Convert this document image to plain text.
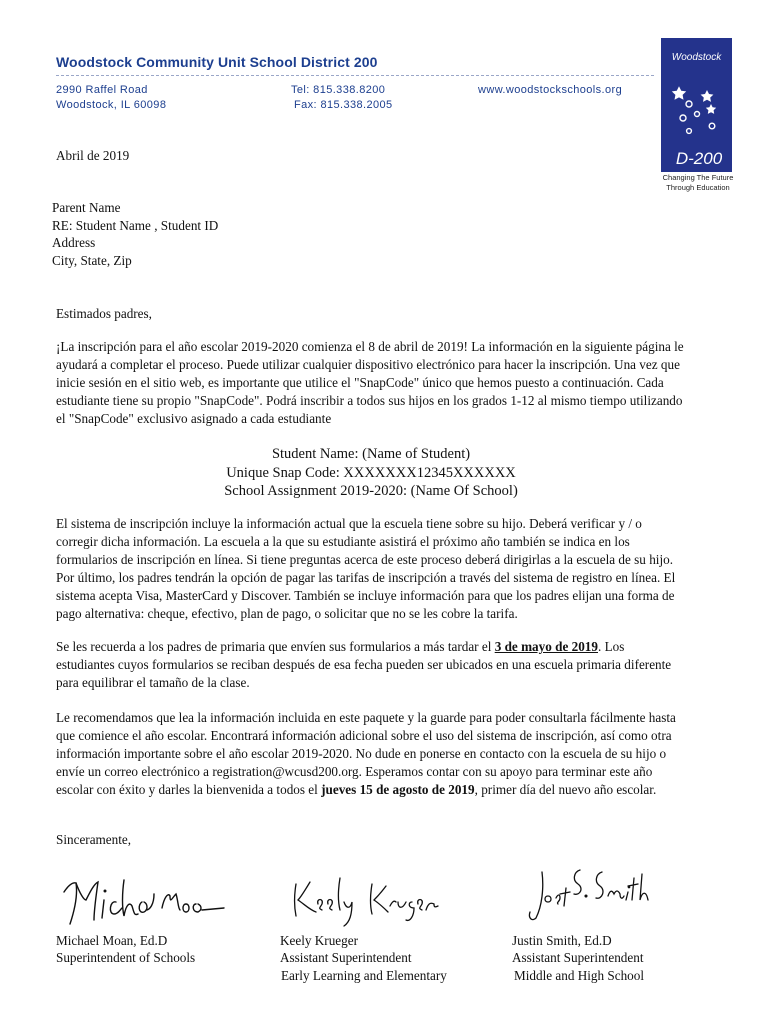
Woodstock Community Unit School District 200
2990 Raffel Road
Woodstock, IL 60098
Tel: 815.338.8200
Fax: 815.338.2005
www.woodstockschools.org
Woodstock
D-200
Changing The Future
Through Education
Abril de 2019
Parent Name
RE: Student Name , Student ID
Address
City, State, Zip
Estimados padres,
¡La inscripción para el año escolar 2019-2020 comienza el 8 de abril de 2019! La información en la siguiente página le ayudará a completar el proceso. Puede utilizar cualquier dispositivo electrónico para hacer la inscripción. Una vez que inicie sesión en el sitio web, es importante que utilice el "SnapCode" único que hemos puesto a continuación. Cada estudiante tiene su propio "SnapCode". Podrá inscribir a todos sus hijos en los grados 1-12 al mismo tiempo utilizando el "SnapCode" exclusivo asignado a cada estudiante
Student Name: (Name of Student)
Unique Snap Code: XXXXXXX12345XXXXXX
School Assignment 2019-2020: (Name Of School)
El sistema de inscripción incluye la información actual que la escuela tiene sobre su hijo. Deberá verificar y / o corregir dicha información. La escuela a la que su estudiante asistirá el próximo año también se indica en los formularios de inscripción en línea. Si tiene preguntas acerca de este proceso deberá dirigirlas a la escuela de su hijo. Por último, los padres tendrán la opción de pagar las tarifas de inscripción a través del sistema de registro en línea. El sistema acepta Visa, MasterCard y Discover. También se incluye información para que los padres elijan una forma de pago alternativa: cheque, efectivo, plan de pago, o solicitar que no se les cobre la tarifa.
Se les recuerda a los padres de primaria que envíen sus formularios a más tardar el 3 de mayo de 2019. Los estudiantes cuyos formularios se reciban después de esa fecha pueden ser ubicados en una escuela primaria diferente para equilibrar el tamaño de la clase.
Le recomendamos que lea la información incluida en este paquete y la guarde para poder consultarla fácilmente hasta que comience el año escolar. Encontrará información adicional sobre el uso del sistema de inscripción, así como otra información importante sobre el año escolar 2019-2020. No dude en ponerse en contacto con la escuela de su hijo o envíe un correo electrónico a registration@wcusd200.org. Esperamos contar con su apoyo para terminar este año escolar con éxito y darles la bienvenida a todos el jueves 15 de agosto de 2019, primer día del nuevo año escolar.
Sinceramente,
Michael Moan, Ed.D
Superintendent of Schools
Keely Krueger
Assistant Superintendent
Early Learning and Elementary
Justin Smith, Ed.D
Assistant Superintendent
Middle and High School
